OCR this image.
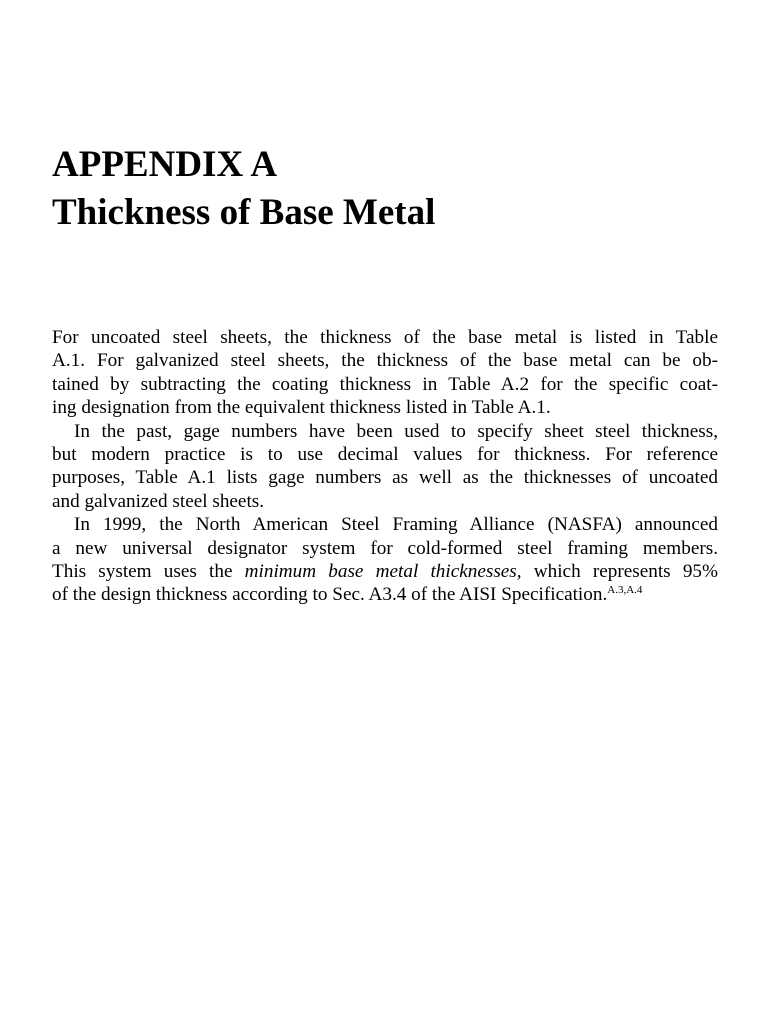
APPENDIX A
Thickness of Base Metal
For uncoated steel sheets, the thickness of the base metal is listed in Table
A.1. For galvanized steel sheets, the thickness of the base metal can be ob-
tained by subtracting the coating thickness in Table A.2 for the specific coat-
ing designation from the equivalent thickness listed in Table A.1.
In the past, gage numbers have been used to specify sheet steel thickness,
but modern practice is to use decimal values for thickness. For reference
purposes, Table A.1 lists gage numbers as well as the thicknesses of uncoated
and galvanized steel sheets.
In 1999, the North American Steel Framing Alliance (NASFA) announced
a new universal designator system for cold-formed steel framing members.
This system uses the minimum base metal thicknesses, which represents 95%
of the design thickness according to Sec. A3.4 of the AISI Specification.$^{A.3,A.4}$
